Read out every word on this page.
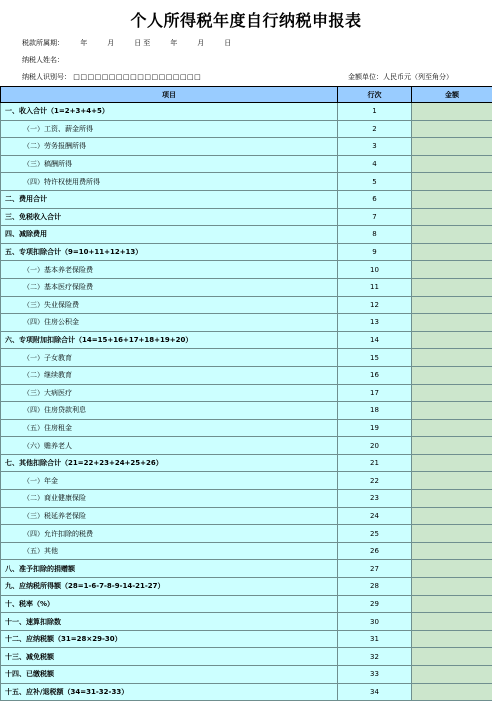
个人所得税年度自行纳税申报表
税款所属期： 年　　月　　日至　　年　　月　　日
纳税人姓名：
纳税人识别号： □□□□□□□□□□□□□□□□□□	金额单位：人民币元（列至角分）
项目	行次	金额
一、收入合计（1=2+3+4+5）	1	
（一）工资、薪金所得	2	
（二）劳务报酬所得	3	
（三）稿酬所得	4	
（四）特许权使用费所得	5	
二、费用合计	6	
三、免税收入合计	7	
四、减除费用	8	
五、专项扣除合计（9=10+11+12+13）	9	
（一）基本养老保险费	10	
（二）基本医疗保险费	11	
（三）失业保险费	12	
（四）住房公积金	13	
六、专项附加扣除合计（14=15+16+17+18+19+20）	14	
（一）子女教育	15	
（二）继续教育	16	
（三）大病医疗	17	
（四）住房贷款利息	18	
（五）住房租金	19	
（六）赡养老人	20	
七、其他扣除合计（21=22+23+24+25+26）	21	
（一）年金	22	
（二）商业健康保险	23	
（三）税延养老保险	24	
（四）允许扣除的税费	25	
（五）其他	26	
八、准予扣除的捐赠额	27	
九、应纳税所得额（28=1-6-7-8-9-14-21-27）	28	
十、税率（%）	29	
十一、速算扣除数	30	
十二、应纳税额（31=28×29-30）	31	
十三、减免税额	32	
十四、已缴税额	33	
十五、应补/退税额（34=31-32-33）	34	
